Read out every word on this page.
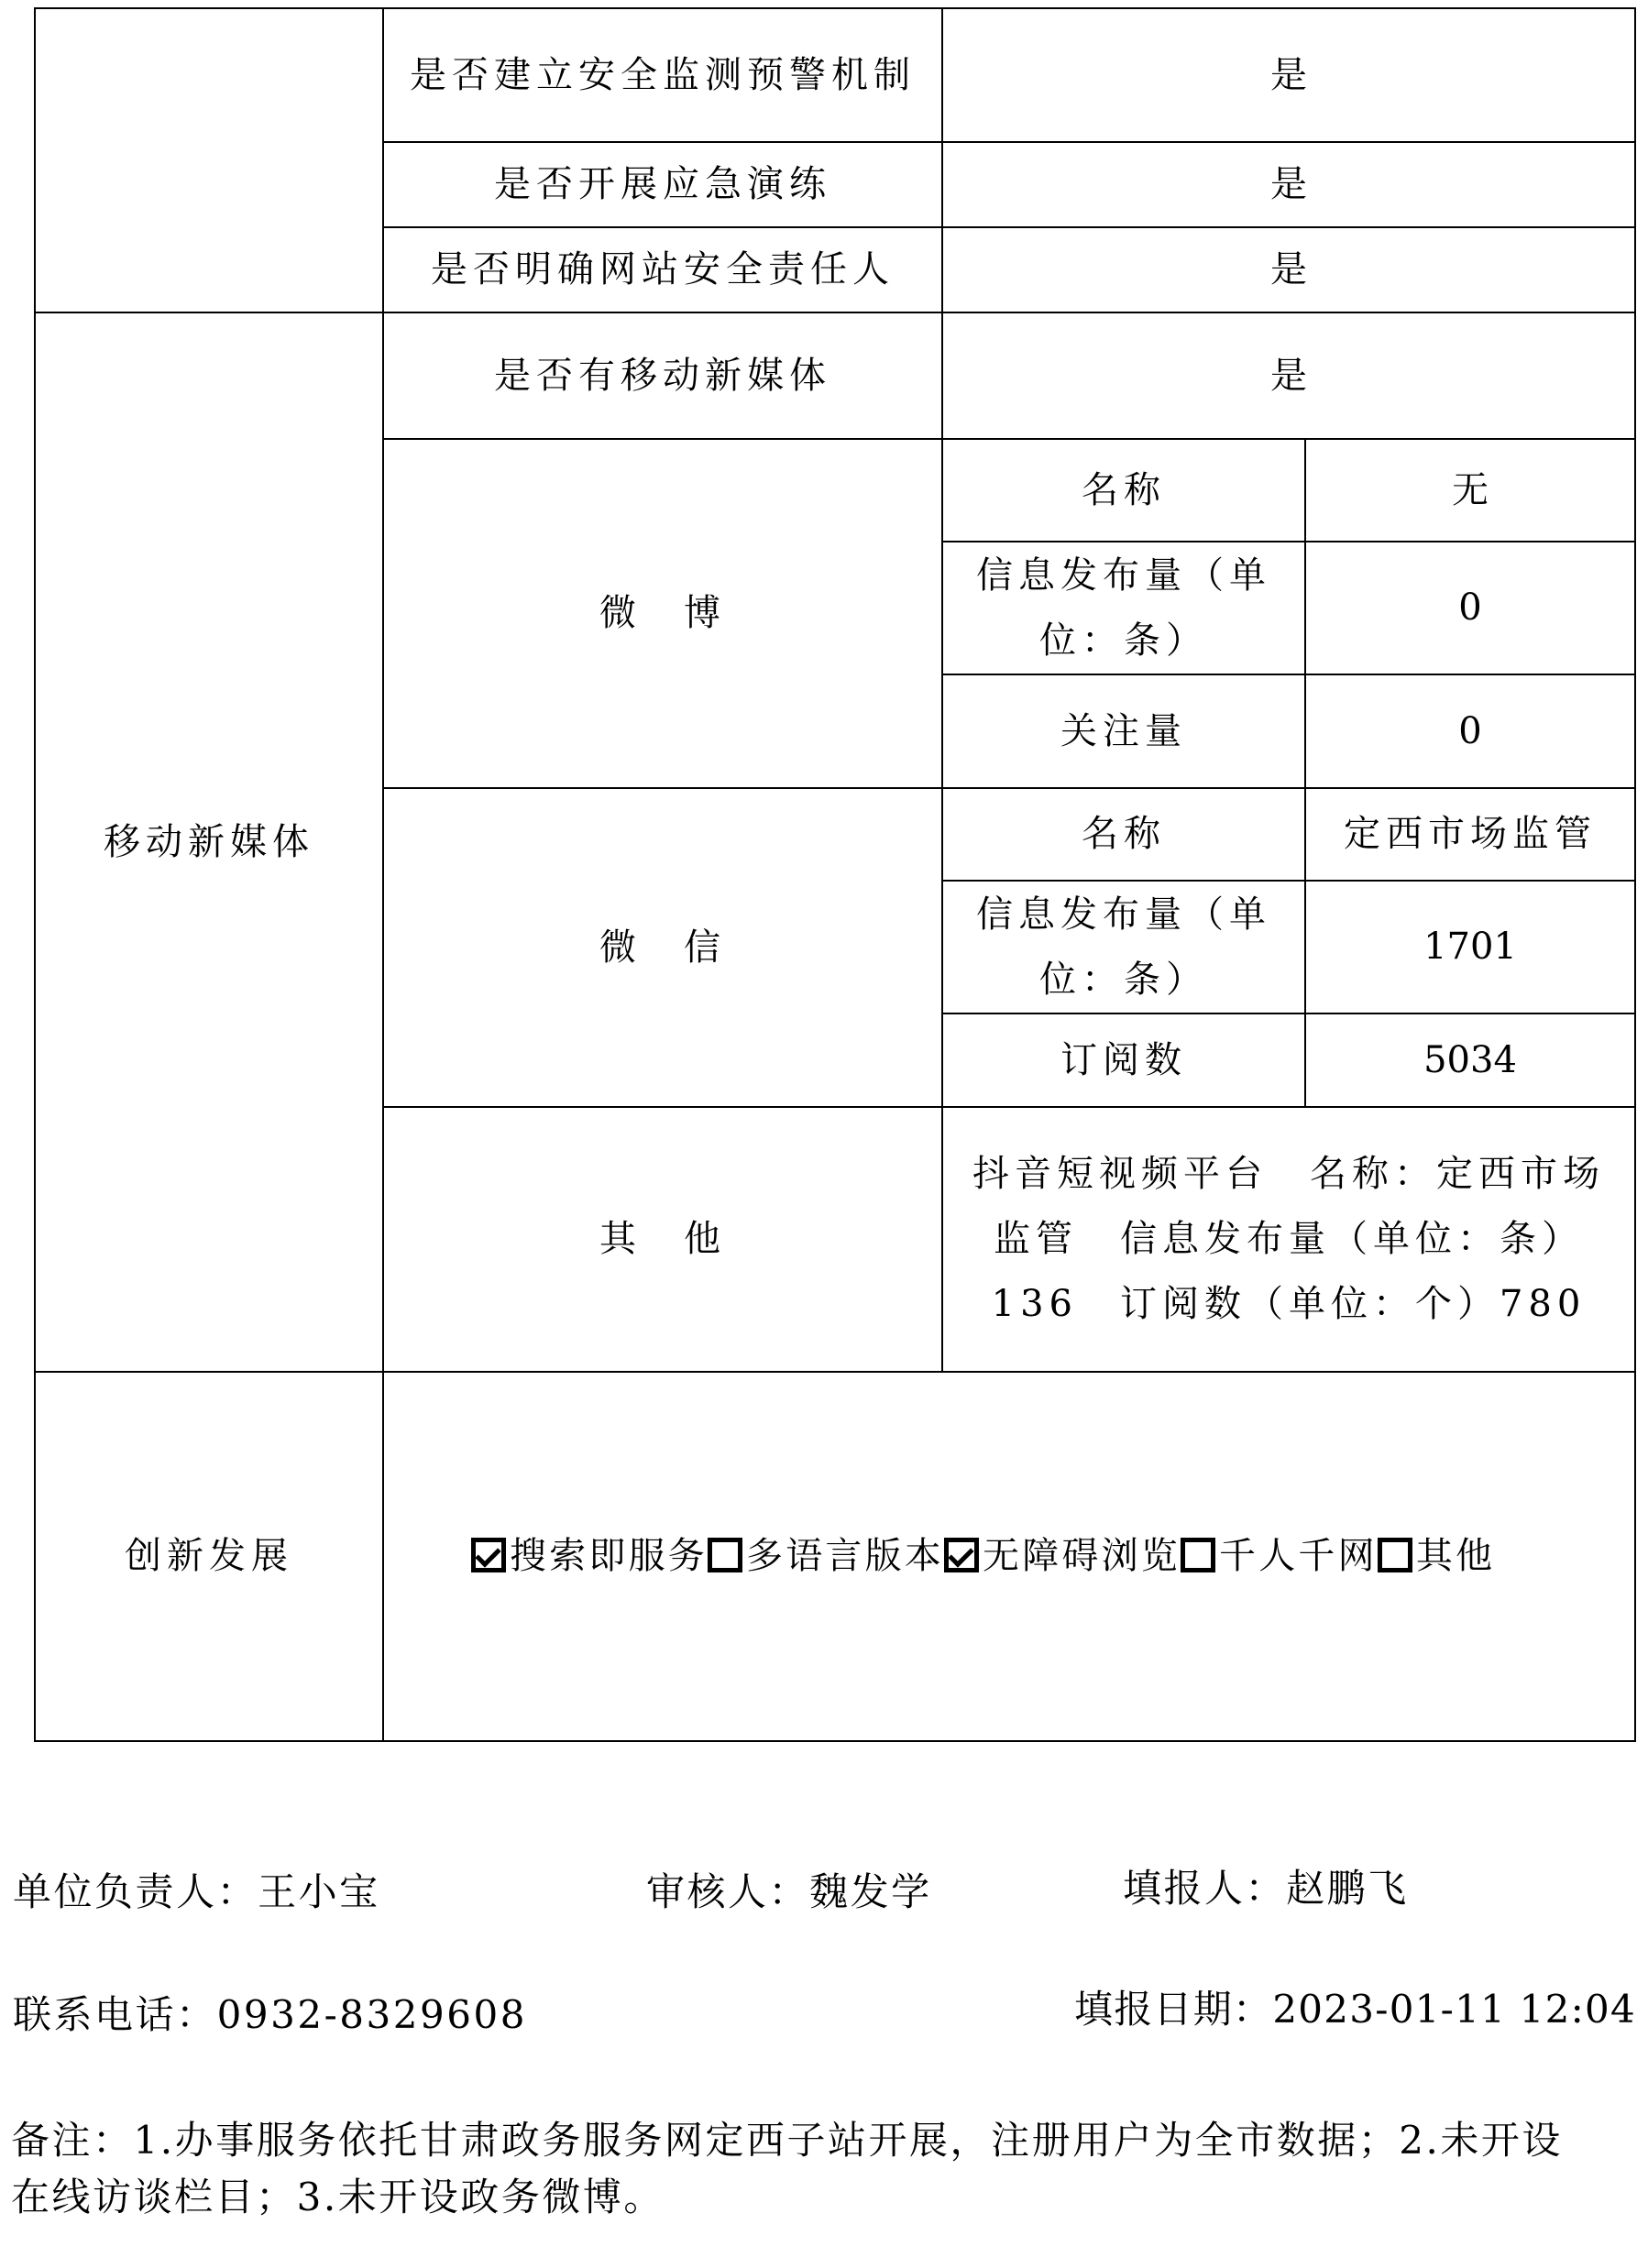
	是否建立安全监测预警机制	是	
	是否开展应急演练	是	
	是否明确网站安全责任人	是	
移动新媒体	是否有移动新媒体	是	
	微　博	名称	无
		信息发布量（单位：条）	0
		关注量	0
	微　信	名称	定西市场监管
		信息发布量（单位：条）	1701
		订阅数	5034
	其　他	抖音短视频平台　名称：定西市场监管　信息发布量（单位：条）136　订阅数（单位：个）780	
创新发展	搜索即服务 多语言版本 无障碍浏览 千人千网 其他		
单位负责人：王小宝	审核人：魏发学	填报人：赵鹏飞
联系电话：0932-8329608	填报日期：2023-01-11 12:04
备注：1.办事服务依托甘肃政务服务网定西子站开展，注册用户为全市数据；2.未开设在线访谈栏目；3.未开设政务微博。
